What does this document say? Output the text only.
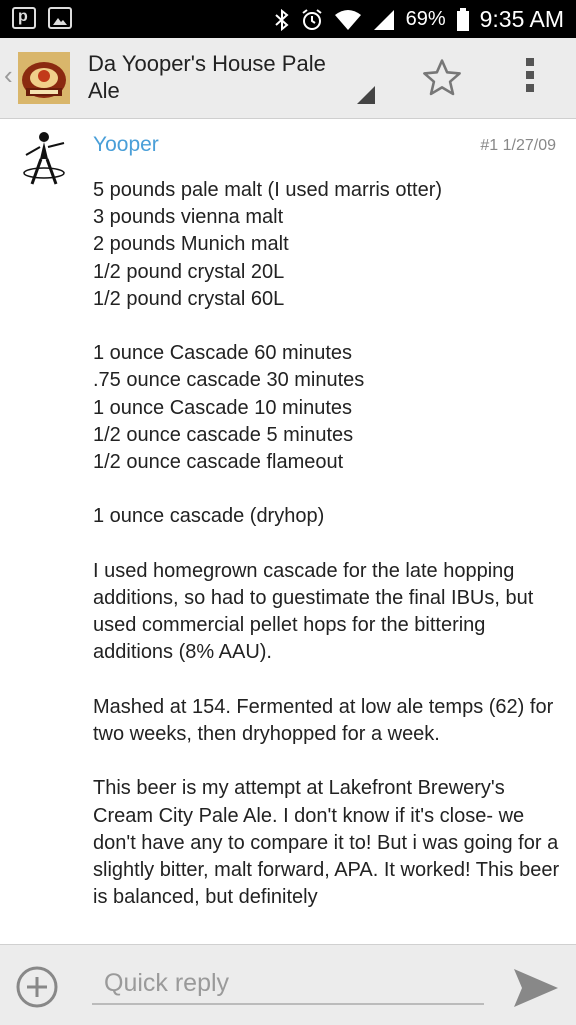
p	69% 9:35 AM
‹	Da Yooper's House Pale Ale
Yooper	#1 1/27/09

5 pounds pale malt (I used marris otter)
3 pounds vienna malt
2 pounds Munich malt
1/2 pound crystal 20L
1/2 pound crystal 60L

1 ounce Cascade 60 minutes
.75 ounce cascade 30 minutes
1 ounce Cascade 10 minutes
1/2 ounce cascade 5 minutes
1/2 ounce cascade flameout

1 ounce cascade (dryhop)

I used homegrown cascade for the late hopping additions, so had to guestimate the final IBUs, but used commercial pellet hops for the bittering additions (8% AAU).

Mashed at 154. Fermented at low ale temps (62) for two weeks, then dryhopped for a week.

This beer is my attempt at Lakefront Brewery's Cream City Pale Ale. I don't know if it's close- we don't have any to compare it to! But i was going for a slightly bitter, malt forward, APA. It worked! This beer is balanced, but definitely

Quick reply
